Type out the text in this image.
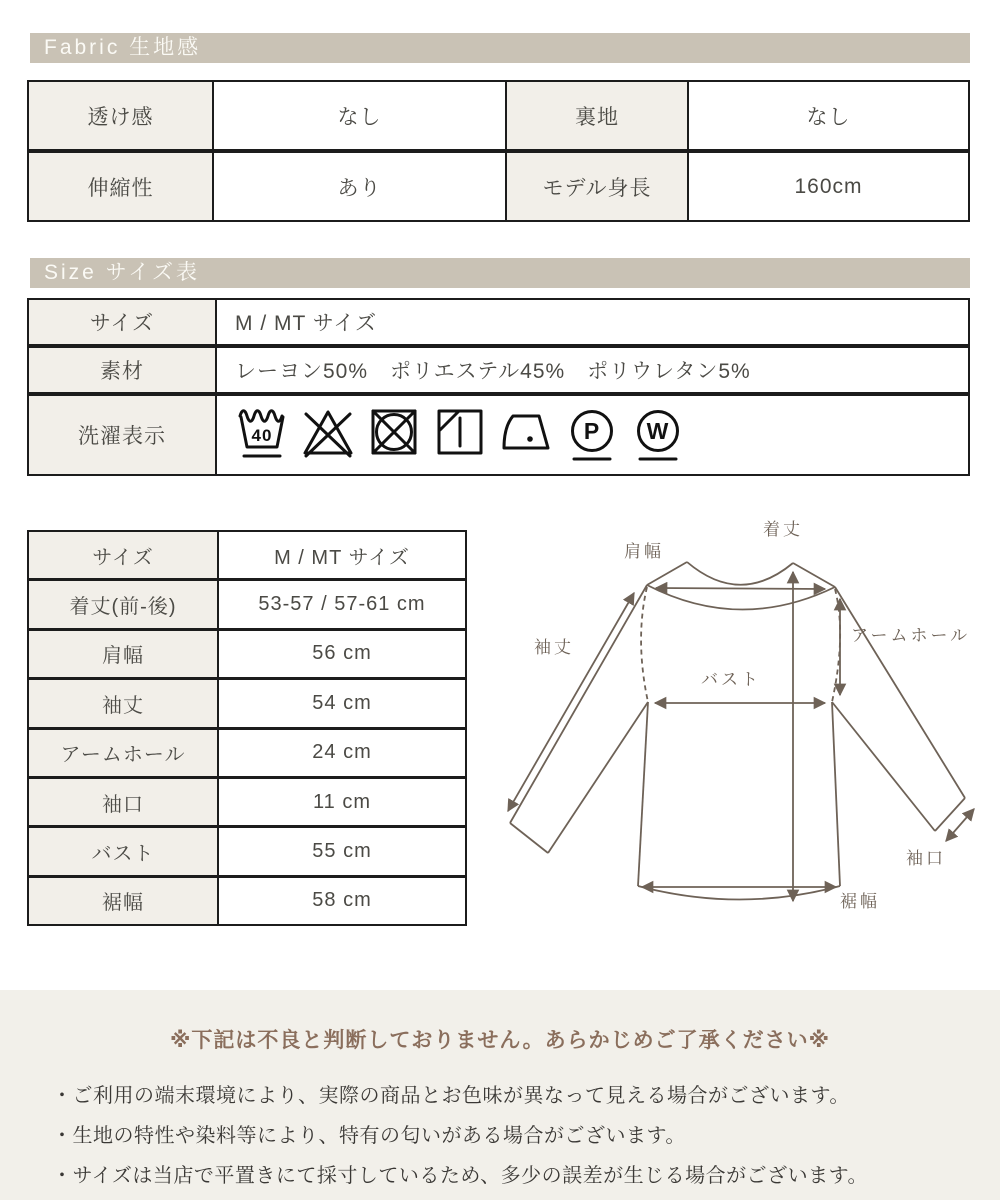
Fabric 生地感
透け感	なし	裏地	なし
伸縮性	あり	モデル身長	160cm
Size サイズ表
サイズ	M / MT サイズ
素材	レーヨン50%　ポリエステル45%　ポリウレタン5%
洗濯表示	40	P W
サイズ	M / MT サイズ
着丈(前-後)	53-57 / 57-61 cm
肩幅	56 cm
袖丈	54 cm
アームホール	24 cm
袖口	11 cm
バスト	55 cm
裾幅	58 cm
着丈
肩幅
袖丈
アームホール
バスト
袖口
裾幅

※下記は不良と判断しておりません。あらかじめご了承ください※

・ご利用の端末環境により、実際の商品とお色味が異なって見える場合がございます。
・生地の特性や染料等により、特有の匂いがある場合がございます。
・サイズは当店で平置きにて採寸しているため、多少の誤差が生じる場合がございます。
